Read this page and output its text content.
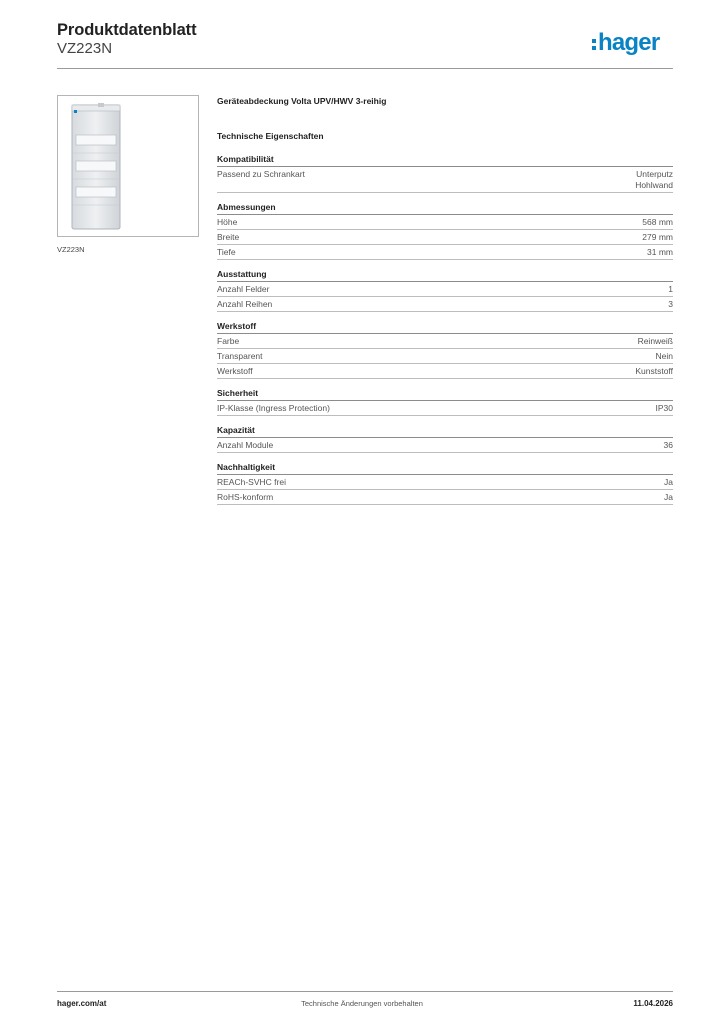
Produktdatenblatt
VZ223N	hager
VZ223N
Geräteabdeckung Volta UPV/HWV 3-reihig
Technische Eigenschaften
Kompatibilität
Passend zu Schrankart	Unterputz
Hohlwand
Abmessungen
Höhe	568 mm
Breite	279 mm
Tiefe	31 mm
Ausstattung
Anzahl Felder	1
Anzahl Reihen	3
Werkstoff
Farbe	Reinweiß
Transparent	Nein
Werkstoff	Kunststoff
Sicherheit
IP-Klasse (Ingress Protection)	IP30
Kapazität
Anzahl Module	36
Nachhaltigkeit
REACh-SVHC frei	Ja
RoHS-konform	Ja
hager.com/at	Technische Änderungen vorbehalten	11.04.2026
